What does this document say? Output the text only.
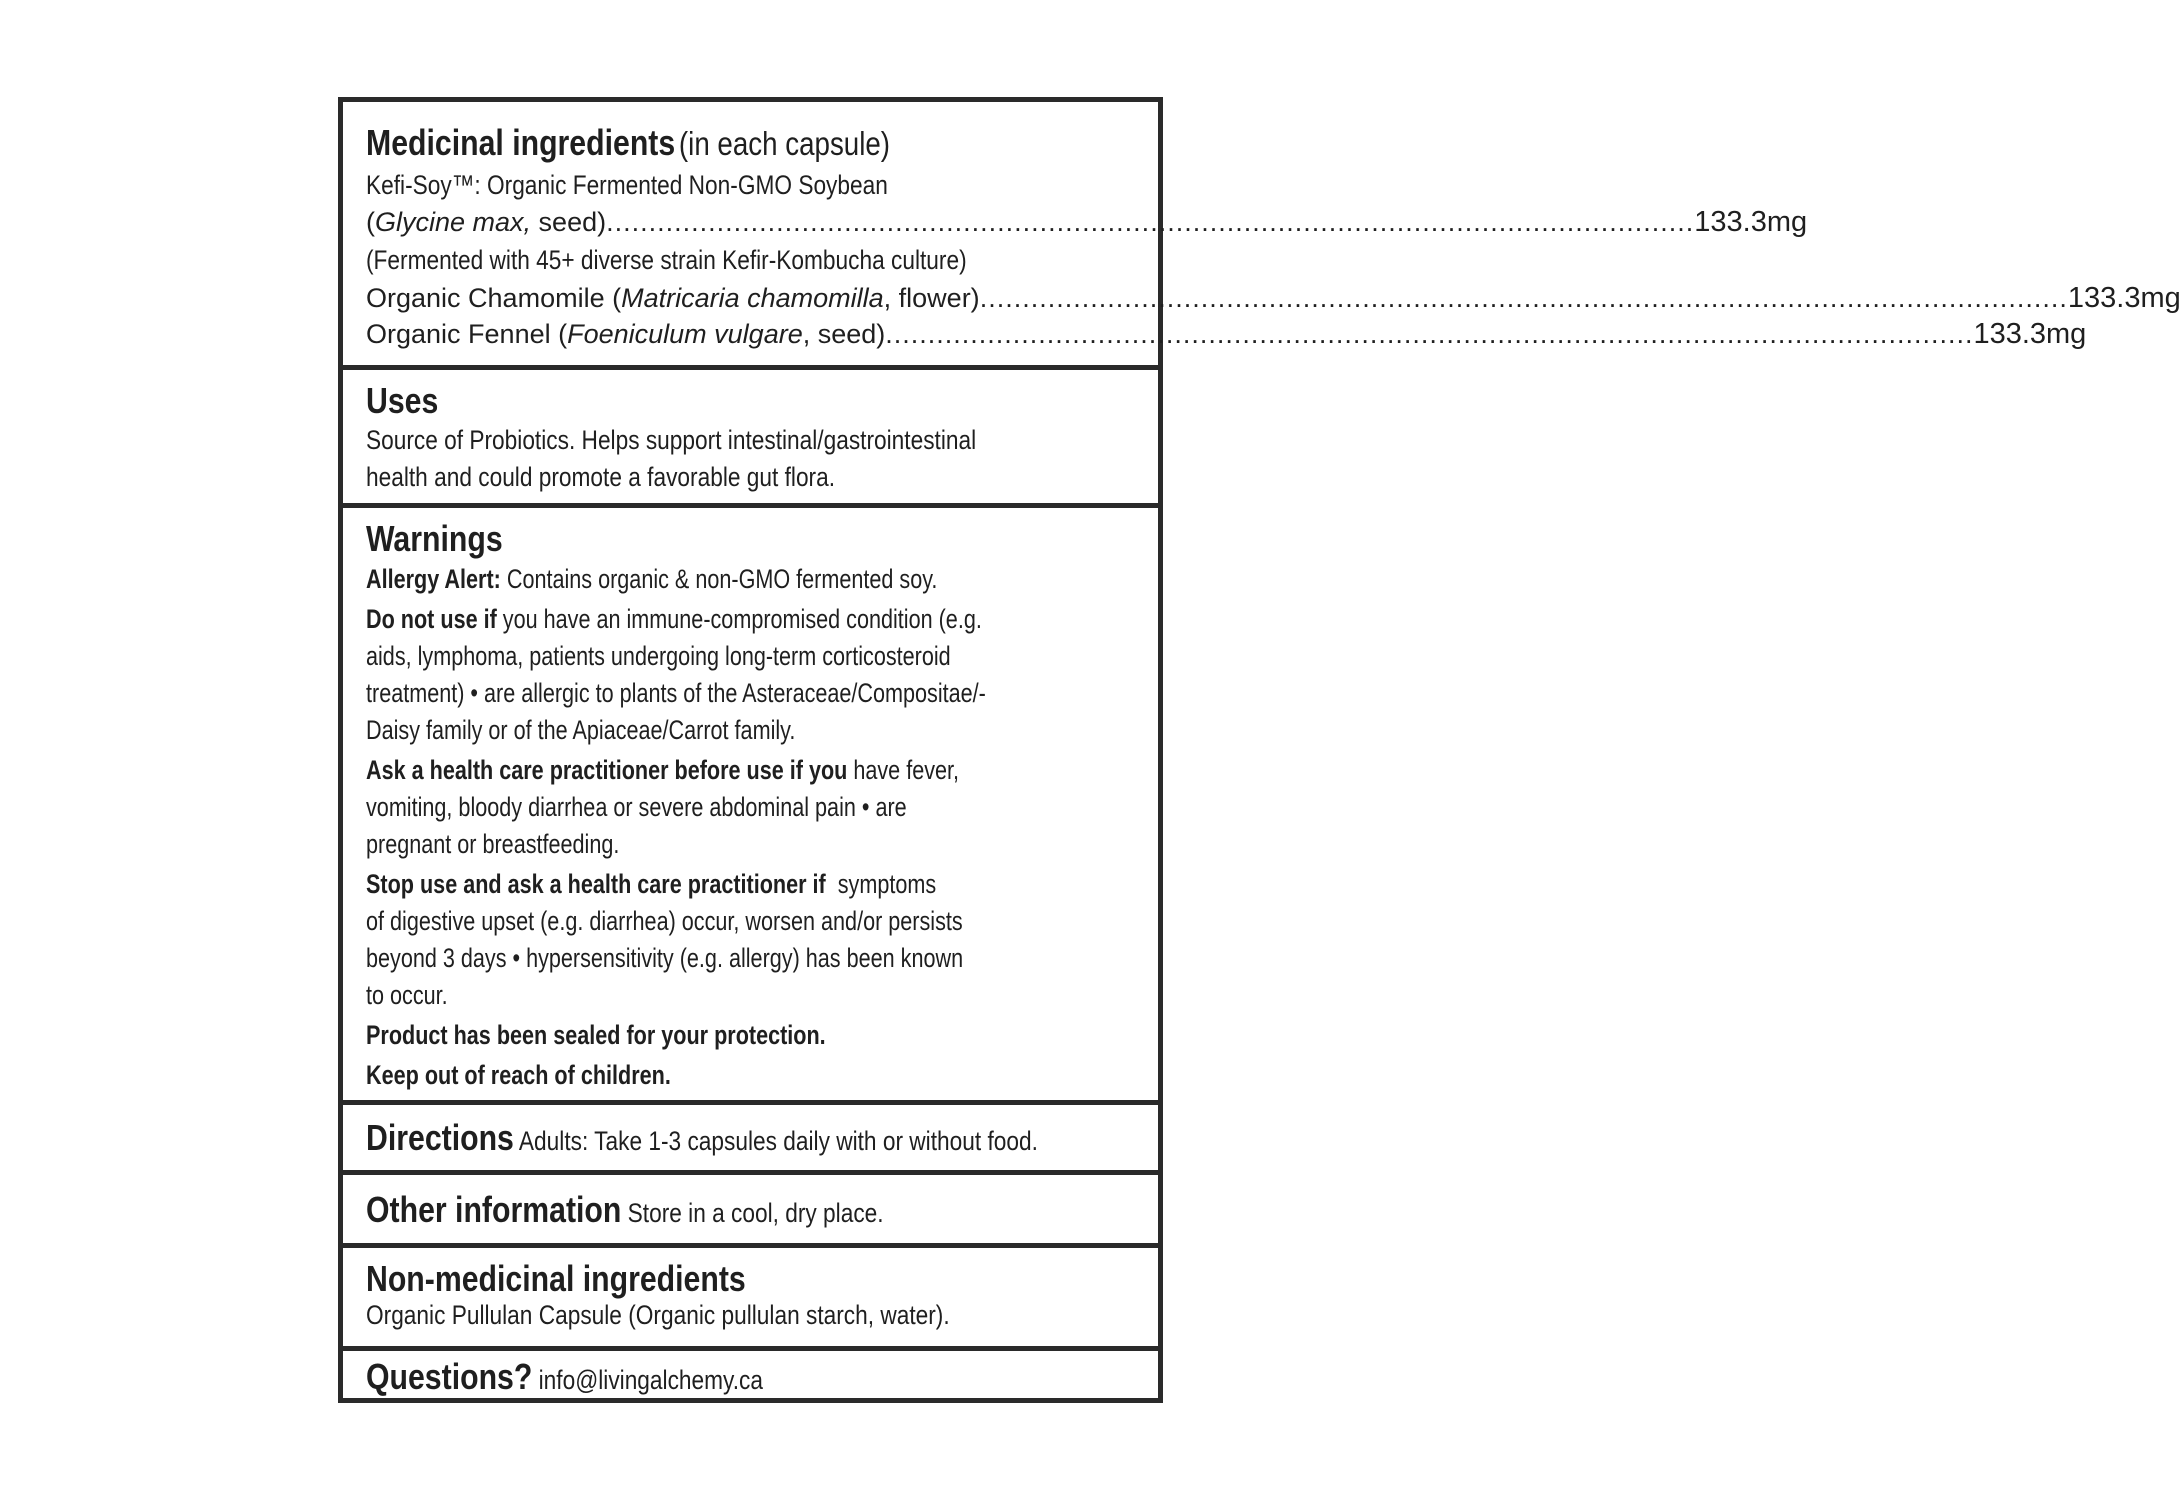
Medicinal ingredients (in each capsule)
Kefi-Soy™: Organic Fermented Non-GMO Soybean
(Glycine max, seed) ................................................................................................................................ 133.3mg
(Fermented with 45+ diverse strain Kefir-Kombucha culture)
Organic Chamomile (Matricaria chamomilla, flower) ................................................................................................................................ 133.3mg
Organic Fennel (Foeniculum vulgare, seed) ................................................................................................................................ 133.3mg
Uses
Source of Probiotics. Helps support intestinal/gastrointestinal
health and could promote a favorable gut flora.
Warnings
Allergy Alert: Contains organic & non-GMO fermented soy.
Do not use if you have an immune-compromised condition (e.g.
aids, lymphoma, patients undergoing long-term corticosteroid
treatment) • are allergic to plants of the Asteraceae/Compositae/-
Daisy family or of the Apiaceae/Carrot family.
Ask a health care practitioner before use if you have fever,
vomiting, bloody diarrhea or severe abdominal pain • are
pregnant or breastfeeding.
Stop use and ask a health care practitioner if  symptoms
of digestive upset (e.g. diarrhea) occur, worsen and/or persists
beyond 3 days • hypersensitivity (e.g. allergy) has been known
to occur.
Product has been sealed for your protection.
Keep out of reach of children.
Directions Adults: Take 1-3 capsules daily with or without food.
Other information Store in a cool, dry place.
Non-medicinal ingredients
Organic Pullulan Capsule (Organic pullulan starch, water).
Questions? info@livingalchemy.ca
